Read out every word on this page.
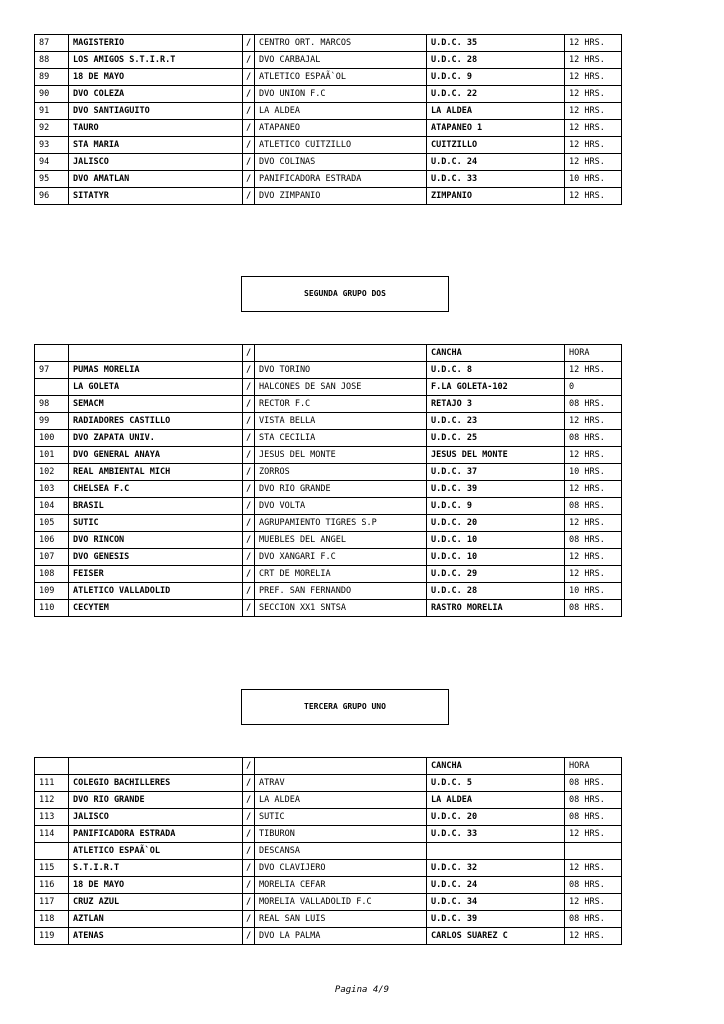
87	MAGISTERIO	/	CENTRO ORT. MARCOS	U.D.C. 35	12 HRS.
88	LOS AMIGOS S.T.I.R.T	/	DVO CARBAJAL	U.D.C. 28	12 HRS.
89	18 DE MAYO	/	ATLETICO ESPAÃ`OL	U.D.C. 9	12 HRS.
90	DVO COLEZA	/	DVO UNION F.C	U.D.C. 22	12 HRS.
91	DVO SANTIAGUITO	/	LA ALDEA	LA ALDEA	12 HRS.
92	TAURO	/	ATAPANEO	ATAPANEO 1	12 HRS.
93	STA MARIA	/	ATLETICO CUITZILLO	CUITZILLO	12 HRS.
94	JALISCO	/	DVO COLINAS	U.D.C. 24	12 HRS.
95	DVO AMATLAN	/	PANIFICADORA ESTRADA	U.D.C. 33	10 HRS.
96	SITATYR	/	DVO ZIMPANIO	ZIMPANIO	12 HRS.
SEGUNDA GRUPO DOS
		/		CANCHA	HORA
97	PUMAS MORELIA	/	DVO TORINO	U.D.C. 8	12 HRS.
	LA GOLETA	/	HALCONES DE SAN JOSE	F.LA GOLETA-102	0
98	SEMACM	/	RECTOR F.C	RETAJO 3	08 HRS.
99	RADIADORES CASTILLO	/	VISTA BELLA	U.D.C. 23	12 HRS.
100	DVO ZAPATA UNIV.	/	STA CECILIA	U.D.C. 25	08 HRS.
101	DVO GENERAL ANAYA	/	JESUS DEL MONTE	JESUS DEL MONTE	12 HRS.
102	REAL AMBIENTAL MICH	/	ZORROS	U.D.C. 37	10 HRS.
103	CHELSEA F.C	/	DVO RIO GRANDE	U.D.C. 39	12 HRS.
104	BRASIL	/	DVO VOLTA	U.D.C. 9	08 HRS.
105	SUTIC	/	AGRUPAMIENTO TIGRES S.P	U.D.C. 20	12 HRS.
106	DVO RINCON	/	MUEBLES DEL ANGEL	U.D.C. 10	08 HRS.
107	DVO GENESIS	/	DVO XANGARI F.C	U.D.C. 10	12 HRS.
108	FEISER	/	CRT DE MORELIA	U.D.C. 29	12 HRS.
109	ATLETICO VALLADOLID	/	PREF. SAN FERNANDO	U.D.C. 28	10 HRS.
110	CECYTEM	/	SECCION XX1 SNTSA	RASTRO MORELIA	08 HRS.
TERCERA GRUPO UNO
		/		CANCHA	HORA
111	COLEGIO BACHILLERES	/	ATRAV	U.D.C. 5	08 HRS.
112	DVO RIO GRANDE	/	LA ALDEA	LA ALDEA	08 HRS.
113	JALISCO	/	SUTIC	U.D.C. 20	08 HRS.
114	PANIFICADORA ESTRADA	/	TIBURON	U.D.C. 33	12 HRS.
	ATLETICO ESPAÃ`OL	/	DESCANSA		
115	S.T.I.R.T	/	DVO CLAVIJERO	U.D.C. 32	12 HRS.
116	18 DE MAYO	/	MORELIA CEFAR	U.D.C. 24	08 HRS.
117	CRUZ AZUL	/	MORELIA VALLADOLID F.C	U.D.C. 34	12 HRS.
118	AZTLAN	/	REAL SAN LUIS	U.D.C. 39	08 HRS.
119	ATENAS	/	DVO LA PALMA	CARLOS SUAREZ C	12 HRS.
Pagina 4/9
